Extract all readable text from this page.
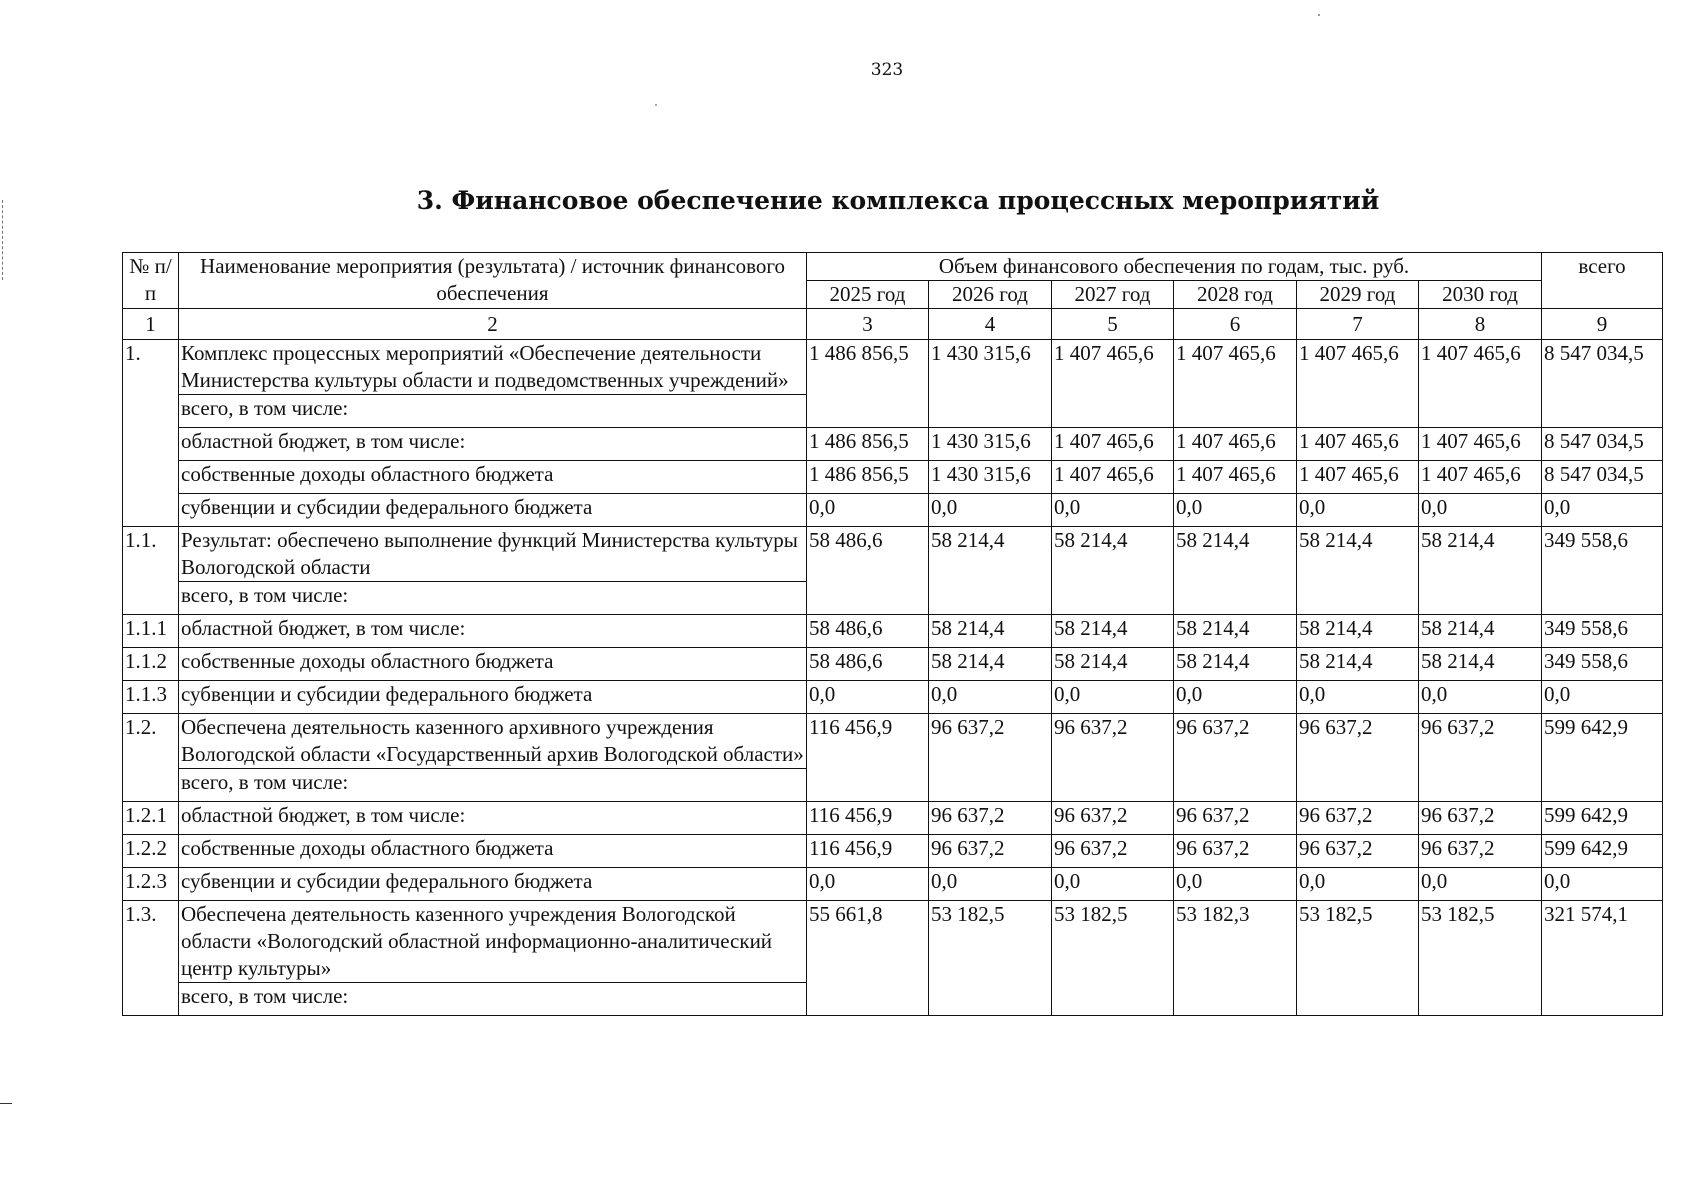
323
3. Финансовое обеспечение комплекса процессных мероприятий
№ п/п	Наименование мероприятия (результата) / источник финансового обеспечения	Объем финансового обеспечения по годам, тыс. руб.						всего
		2025 год	2026 год	2027 год	2028 год	2029 год	2030 год	
1	2	3	4	5	6	7	8	9
1.	Комплекс процессных мероприятий «Обеспечение деятельности Министерства культуры области и подведомственных учреждений»	1 486 856,5	1 430 315,6	1 407 465,6	1 407 465,6	1 407 465,6	1 407 465,6	8 547 034,5
	всего, в том числе:							
	областной бюджет, в том числе:	1 486 856,5	1 430 315,6	1 407 465,6	1 407 465,6	1 407 465,6	1 407 465,6	8 547 034,5
	собственные доходы областного бюджета	1 486 856,5	1 430 315,6	1 407 465,6	1 407 465,6	1 407 465,6	1 407 465,6	8 547 034,5
	субвенции и субсидии федерального бюджета	0,0	0,0	0,0	0,0	0,0	0,0	0,0
1.1.	Результат: обеспечено выполнение функций Министерства культуры Вологодской области	58 486,6	58 214,4	58 214,4	58 214,4	58 214,4	58 214,4	349 558,6
	всего, в том числе:							
1.1.1	областной бюджет, в том числе:	58 486,6	58 214,4	58 214,4	58 214,4	58 214,4	58 214,4	349 558,6
1.1.2	собственные доходы областного бюджета	58 486,6	58 214,4	58 214,4	58 214,4	58 214,4	58 214,4	349 558,6
1.1.3	субвенции и субсидии федерального бюджета	0,0	0,0	0,0	0,0	0,0	0,0	0,0
1.2.	Обеспечена деятельность казенного архивного учреждения Вологодской области «Государственный архив Вологодской области»	116 456,9	96 637,2	96 637,2	96 637,2	96 637,2	96 637,2	599 642,9
	всего, в том числе:							
1.2.1	областной бюджет, в том числе:	116 456,9	96 637,2	96 637,2	96 637,2	96 637,2	96 637,2	599 642,9
1.2.2	собственные доходы областного бюджета	116 456,9	96 637,2	96 637,2	96 637,2	96 637,2	96 637,2	599 642,9
1.2.3	субвенции и субсидии федерального бюджета	0,0	0,0	0,0	0,0	0,0	0,0	0,0
1.3.	Обеспечена деятельность казенного учреждения Вологодской области «Вологодский областной информационно-аналитический центр культуры»	55 661,8	53 182,5	53 182,5	53 182,3	53 182,5	53 182,5	321 574,1
	всего, в том числе:							
